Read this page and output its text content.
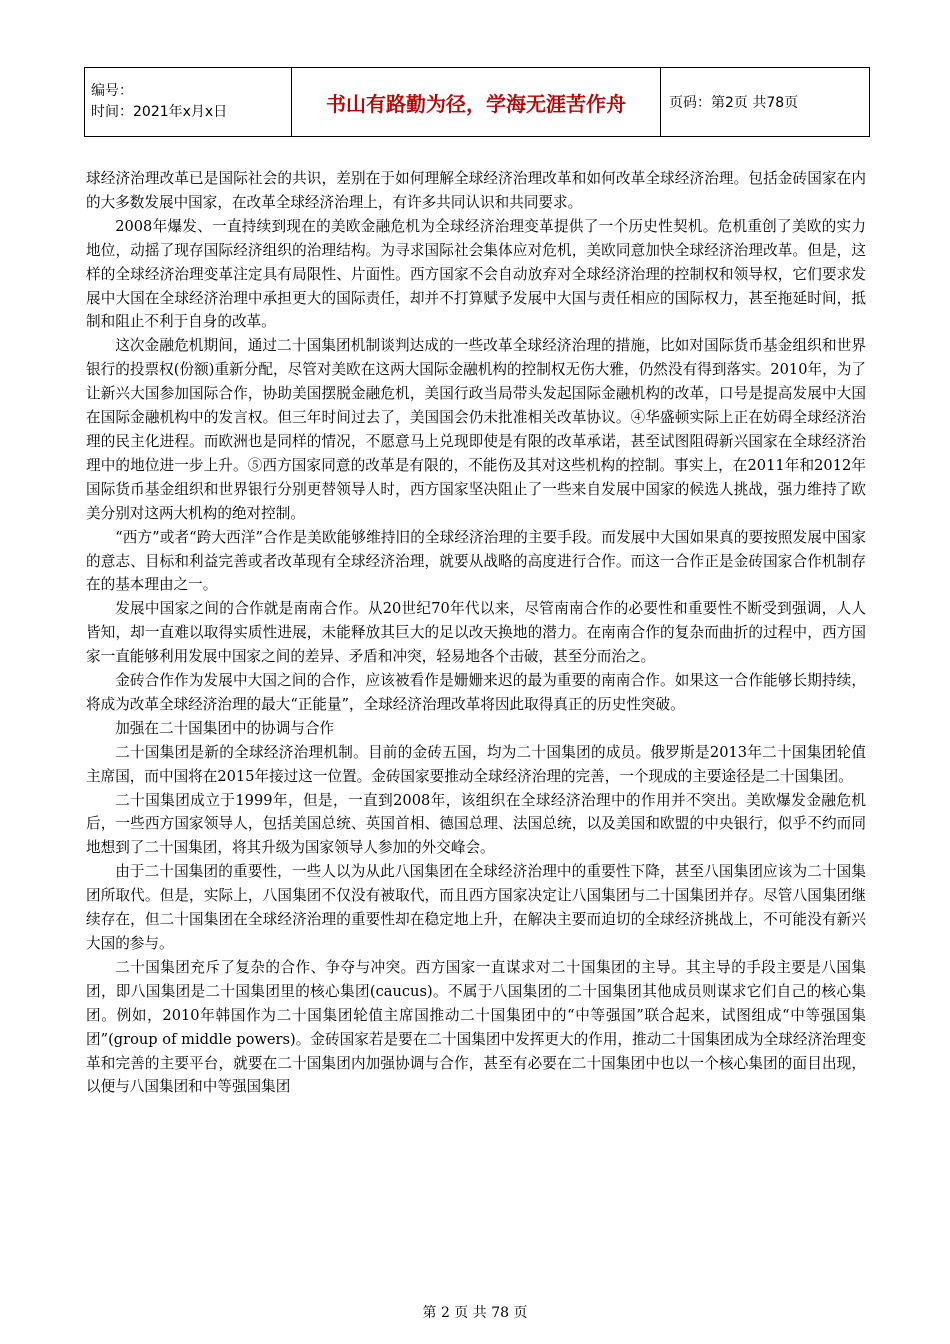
编号：
时间：2021年x月x日	书山有路勤为径，学海无涯苦作舟	页码：第2页 共78页

球经济治理改革已是国际社会的共识，差别在于如何理解全球经济治理改革和如何改革全球经济治理。包括金砖国家在内的大多数发展中国家，在改革全球经济治理上，有许多共同认识和共同要求。

2008年爆发、一直持续到现在的美欧金融危机为全球经济治理变革提供了一个历史性契机。危机重创了美欧的实力地位，动摇了现存国际经济组织的治理结构。为寻求国际社会集体应对危机，美欧同意加快全球经济治理改革。但是，这样的全球经济治理变革注定具有局限性、片面性。西方国家不会自动放弃对全球经济治理的控制权和领导权，它们要求发展中大国在全球经济治理中承担更大的国际责任，却并不打算赋予发展中大国与责任相应的国际权力，甚至拖延时间，抵制和阻止不利于自身的改革。

这次金融危机期间，通过二十国集团机制谈判达成的一些改革全球经济治理的措施，比如对国际货币基金组织和世界银行的投票权(份额)重新分配，尽管对美欧在这两大国际金融机构的控制权无伤大雅，仍然没有得到落实。2010年，为了让新兴大国参加国际合作，协助美国摆脱金融危机，美国行政当局带头发起国际金融机构的改革，口号是提高发展中大国在国际金融机构中的发言权。但三年时间过去了，美国国会仍未批准相关改革协议。④华盛顿实际上正在妨碍全球经济治理的民主化进程。而欧洲也是同样的情况，不愿意马上兑现即使是有限的改革承诺，甚至试图阻碍新兴国家在全球经济治理中的地位进一步上升。⑤西方国家同意的改革是有限的，不能伤及其对这些机构的控制。事实上，在2011年和2012年国际货币基金组织和世界银行分别更替领导人时，西方国家坚决阻止了一些来自发展中国家的候选人挑战，强力维持了欧美分别对这两大机构的绝对控制。

“西方”或者“跨大西洋”合作是美欧能够维持旧的全球经济治理的主要手段。而发展中大国如果真的要按照发展中国家的意志、目标和利益完善或者改革现有全球经济治理，就要从战略的高度进行合作。而这一合作正是金砖国家合作机制存在的基本理由之一。

发展中国家之间的合作就是南南合作。从20世纪70年代以来，尽管南南合作的必要性和重要性不断受到强调，人人皆知，却一直难以取得实质性进展，未能释放其巨大的足以改天换地的潜力。在南南合作的复杂而曲折的过程中，西方国家一直能够利用发展中国家之间的差异、矛盾和冲突，轻易地各个击破，甚至分而治之。

金砖合作作为发展中大国之间的合作，应该被看作是姗姗来迟的最为重要的南南合作。如果这一合作能够长期持续，将成为改革全球经济治理的最大“正能量”，全球经济治理改革将因此取得真正的历史性突破。

加强在二十国集团中的协调与合作

二十国集团是新的全球经济治理机制。目前的金砖五国，均为二十国集团的成员。俄罗斯是2013年二十国集团轮值主席国，而中国将在2015年接过这一位置。金砖国家要推动全球经济治理的完善，一个现成的主要途径是二十国集团。

二十国集团成立于1999年，但是，一直到2008年，该组织在全球经济治理中的作用并不突出。美欧爆发金融危机后，一些西方国家领导人，包括美国总统、英国首相、德国总理、法国总统，以及美国和欧盟的中央银行，似乎不约而同地想到了二十国集团，将其升级为国家领导人参加的外交峰会。

由于二十国集团的重要性，一些人以为从此八国集团在全球经济治理中的重要性下降，甚至八国集团应该为二十国集团所取代。但是，实际上，八国集团不仅没有被取代，而且西方国家决定让八国集团与二十国集团并存。尽管八国集团继续存在，但二十国集团在全球经济治理的重要性却在稳定地上升，在解决主要而迫切的全球经济挑战上，不可能没有新兴大国的参与。

二十国集团充斥了复杂的合作、争夺与冲突。西方国家一直谋求对二十国集团的主导。其主导的手段主要是八国集团，即八国集团是二十国集团里的核心集团(caucus)。不属于八国集团的二十国集团其他成员则谋求它们自己的核心集团。例如，2010年韩国作为二十国集团轮值主席国推动二十国集团中的“中等强国”联合起来，试图组成“中等强国集团”(group of middle powers)。金砖国家若是要在二十国集团中发挥更大的作用，推动二十国集团成为全球经济治理变革和完善的主要平台，就要在二十国集团内加强协调与合作，甚至有必要在二十国集团中也以一个核心集团的面目出现，以便与八国集团和中等强国集团

第 2 页 共 78 页
